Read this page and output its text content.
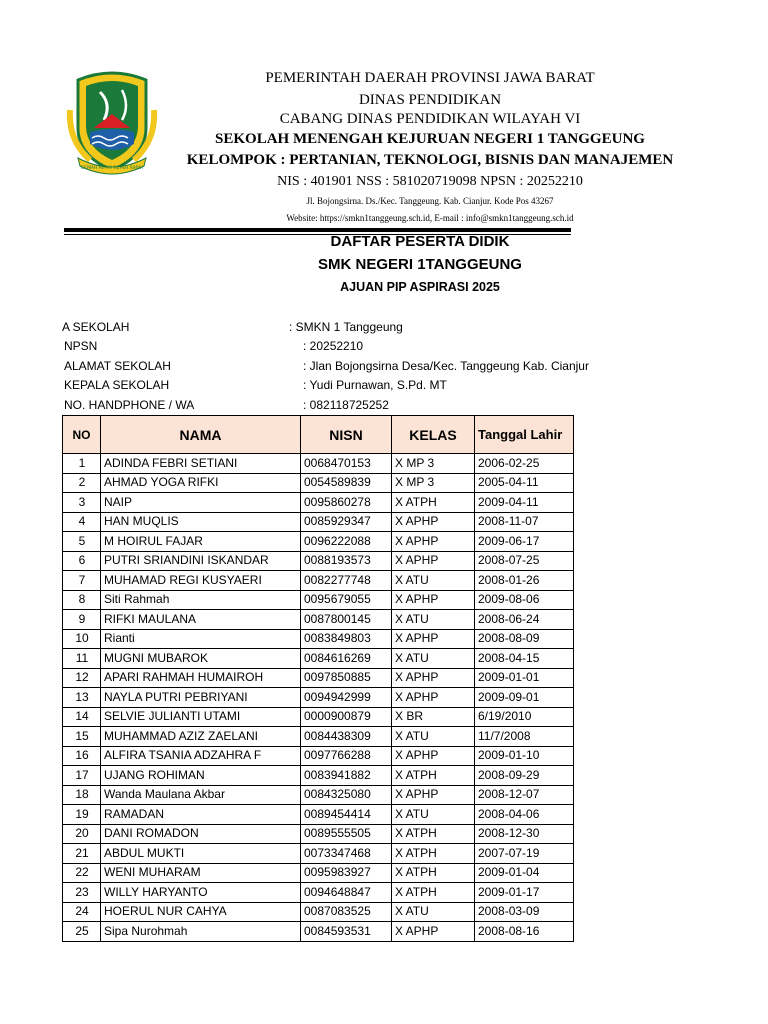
GEMAH RIPAH REPEH RAPIH
PEMERINTAH DAERAH PROVINSI JAWA BARAT
DINAS PENDIDIKAN
CABANG DINAS PENDIDIKAN WILAYAH VI
SEKOLAH MENENGAH KEJURUAN NEGERI 1 TANGGEUNG
KELOMPOK : PERTANIAN, TEKNOLOGI, BISNIS DAN MANAJEMEN
NIS : 401901 NSS : 581020719098 NPSN : 20252210
Jl. Bojongsirna. Ds./Kec. Tanggeung. Kab. Cianjur. Kode Pos 43267
Website: https://smkn1tanggeung.sch.id, E-mail : info@smkn1tanggeung.sch.id
DAFTAR PESERTA DIDIK
SMK NEGERI 1TANGGEUNG
AJUAN PIP ASPIRASI 2025
A SEKOLAH	: SMKN 1 Tanggeung
NPSN	: 20252210
ALAMAT SEKOLAH	: Jlan Bojongsirna Desa/Kec. Tanggeung Kab. Cianjur
KEPALA SEKOLAH	: Yudi Purnawan, S.Pd. MT
NO. HANDPHONE / WA	: 082118725252
NO	NAMA	NISN	KELAS	Tanggal Lahir
1	ADINDA FEBRI SETIANI	0068470153	X MP 3	2006-02-25
2	AHMAD YOGA RIFKI	0054589839	X MP 3	2005-04-11
3	NAIP	0095860278	X ATPH	2009-04-11
4	HAN MUQLIS	0085929347	X APHP	2008-11-07
5	M HOIRUL FAJAR	0096222088	X APHP	2009-06-17
6	PUTRI SRIANDINI ISKANDAR	0088193573	X APHP	2008-07-25
7	MUHAMAD REGI KUSYAERI	0082277748	X ATU	2008-01-26
8	Siti Rahmah	0095679055	X APHP	2009-08-06
9	RIFKI MAULANA	0087800145	X ATU	2008-06-24
10	Rianti	0083849803	X APHP	2008-08-09
11	MUGNI MUBAROK	0084616269	X ATU	2008-04-15
12	APARI RAHMAH HUMAIROH	0097850885	X APHP	2009-01-01
13	NAYLA PUTRI PEBRIYANI	0094942999	X APHP	2009-09-01
14	SELVIE JULIANTI UTAMI	0000900879	X BR	6/19/2010
15	MUHAMMAD AZIZ ZAELANI	0084438309	X ATU	11/7/2008
16	ALFIRA TSANIA ADZAHRA F	0097766288	X APHP	2009-01-10
17	UJANG ROHIMAN	0083941882	X ATPH	2008-09-29
18	Wanda Maulana Akbar	0084325080	X APHP	2008-12-07
19	RAMADAN	0089454414	X ATU	2008-04-06
20	DANI ROMADON	0089555505	X ATPH	2008-12-30
21	ABDUL MUKTI	0073347468	X ATPH	2007-07-19
22	WENI MUHARAM	0095983927	X ATPH	2009-01-04
23	WILLY HARYANTO	0094648847	X ATPH	2009-01-17
24	HOERUL NUR CAHYA	0087083525	X ATU	2008-03-09
25	Sipa Nurohmah	0084593531	X APHP	2008-08-16
